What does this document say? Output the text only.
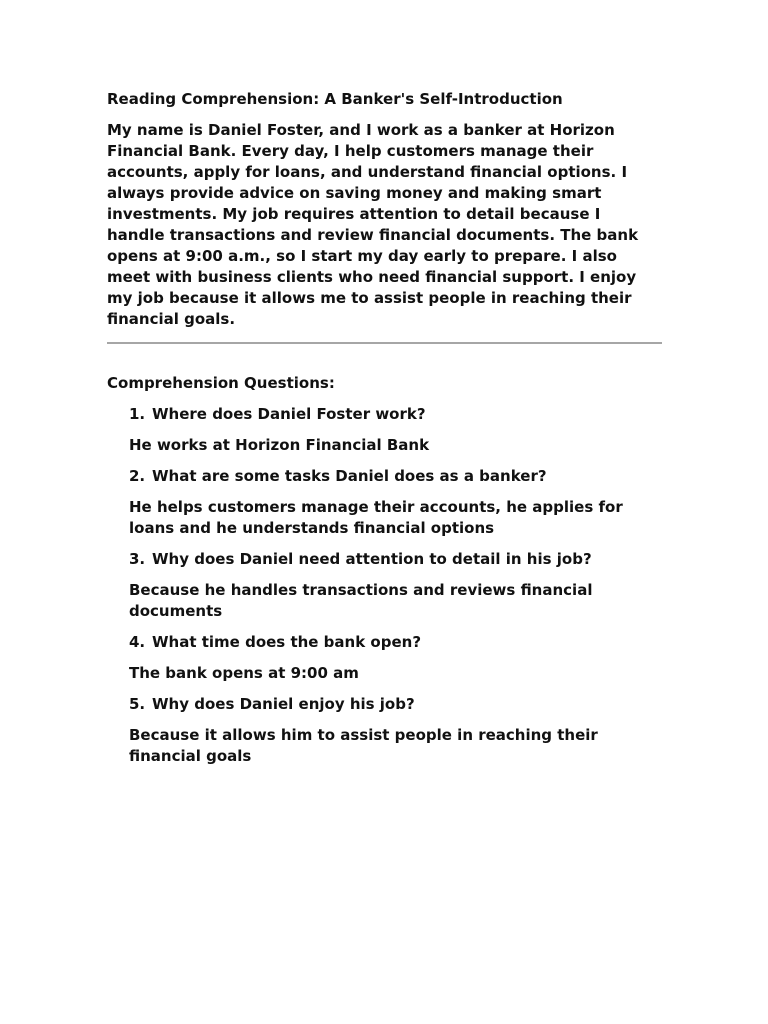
Reading Comprehension: A Banker's Self-Introduction

My name is Daniel Foster, and I work as a banker at Horizon Financial Bank. Every day, I help customers manage their accounts, apply for loans, and understand financial options. I always provide advice on saving money and making smart investments. My job requires attention to detail because I handle transactions and review financial documents. The bank opens at 9:00 a.m., so I start my day early to prepare. I also meet with business clients who need financial support. I enjoy my job because it allows me to assist people in reaching their financial goals.

Comprehension Questions:

1. Where does Daniel Foster work?

He works at Horizon Financial Bank

2. What are some tasks Daniel does as a banker?

He helps customers manage their accounts, he applies for loans and he understands financial options

3. Why does Daniel need attention to detail in his job?

Because he handles transactions and reviews financial documents

4. What time does the bank open?

The bank opens at 9:00 am

5. Why does Daniel enjoy his job?

Because it allows him to assist people in reaching their financial goals
